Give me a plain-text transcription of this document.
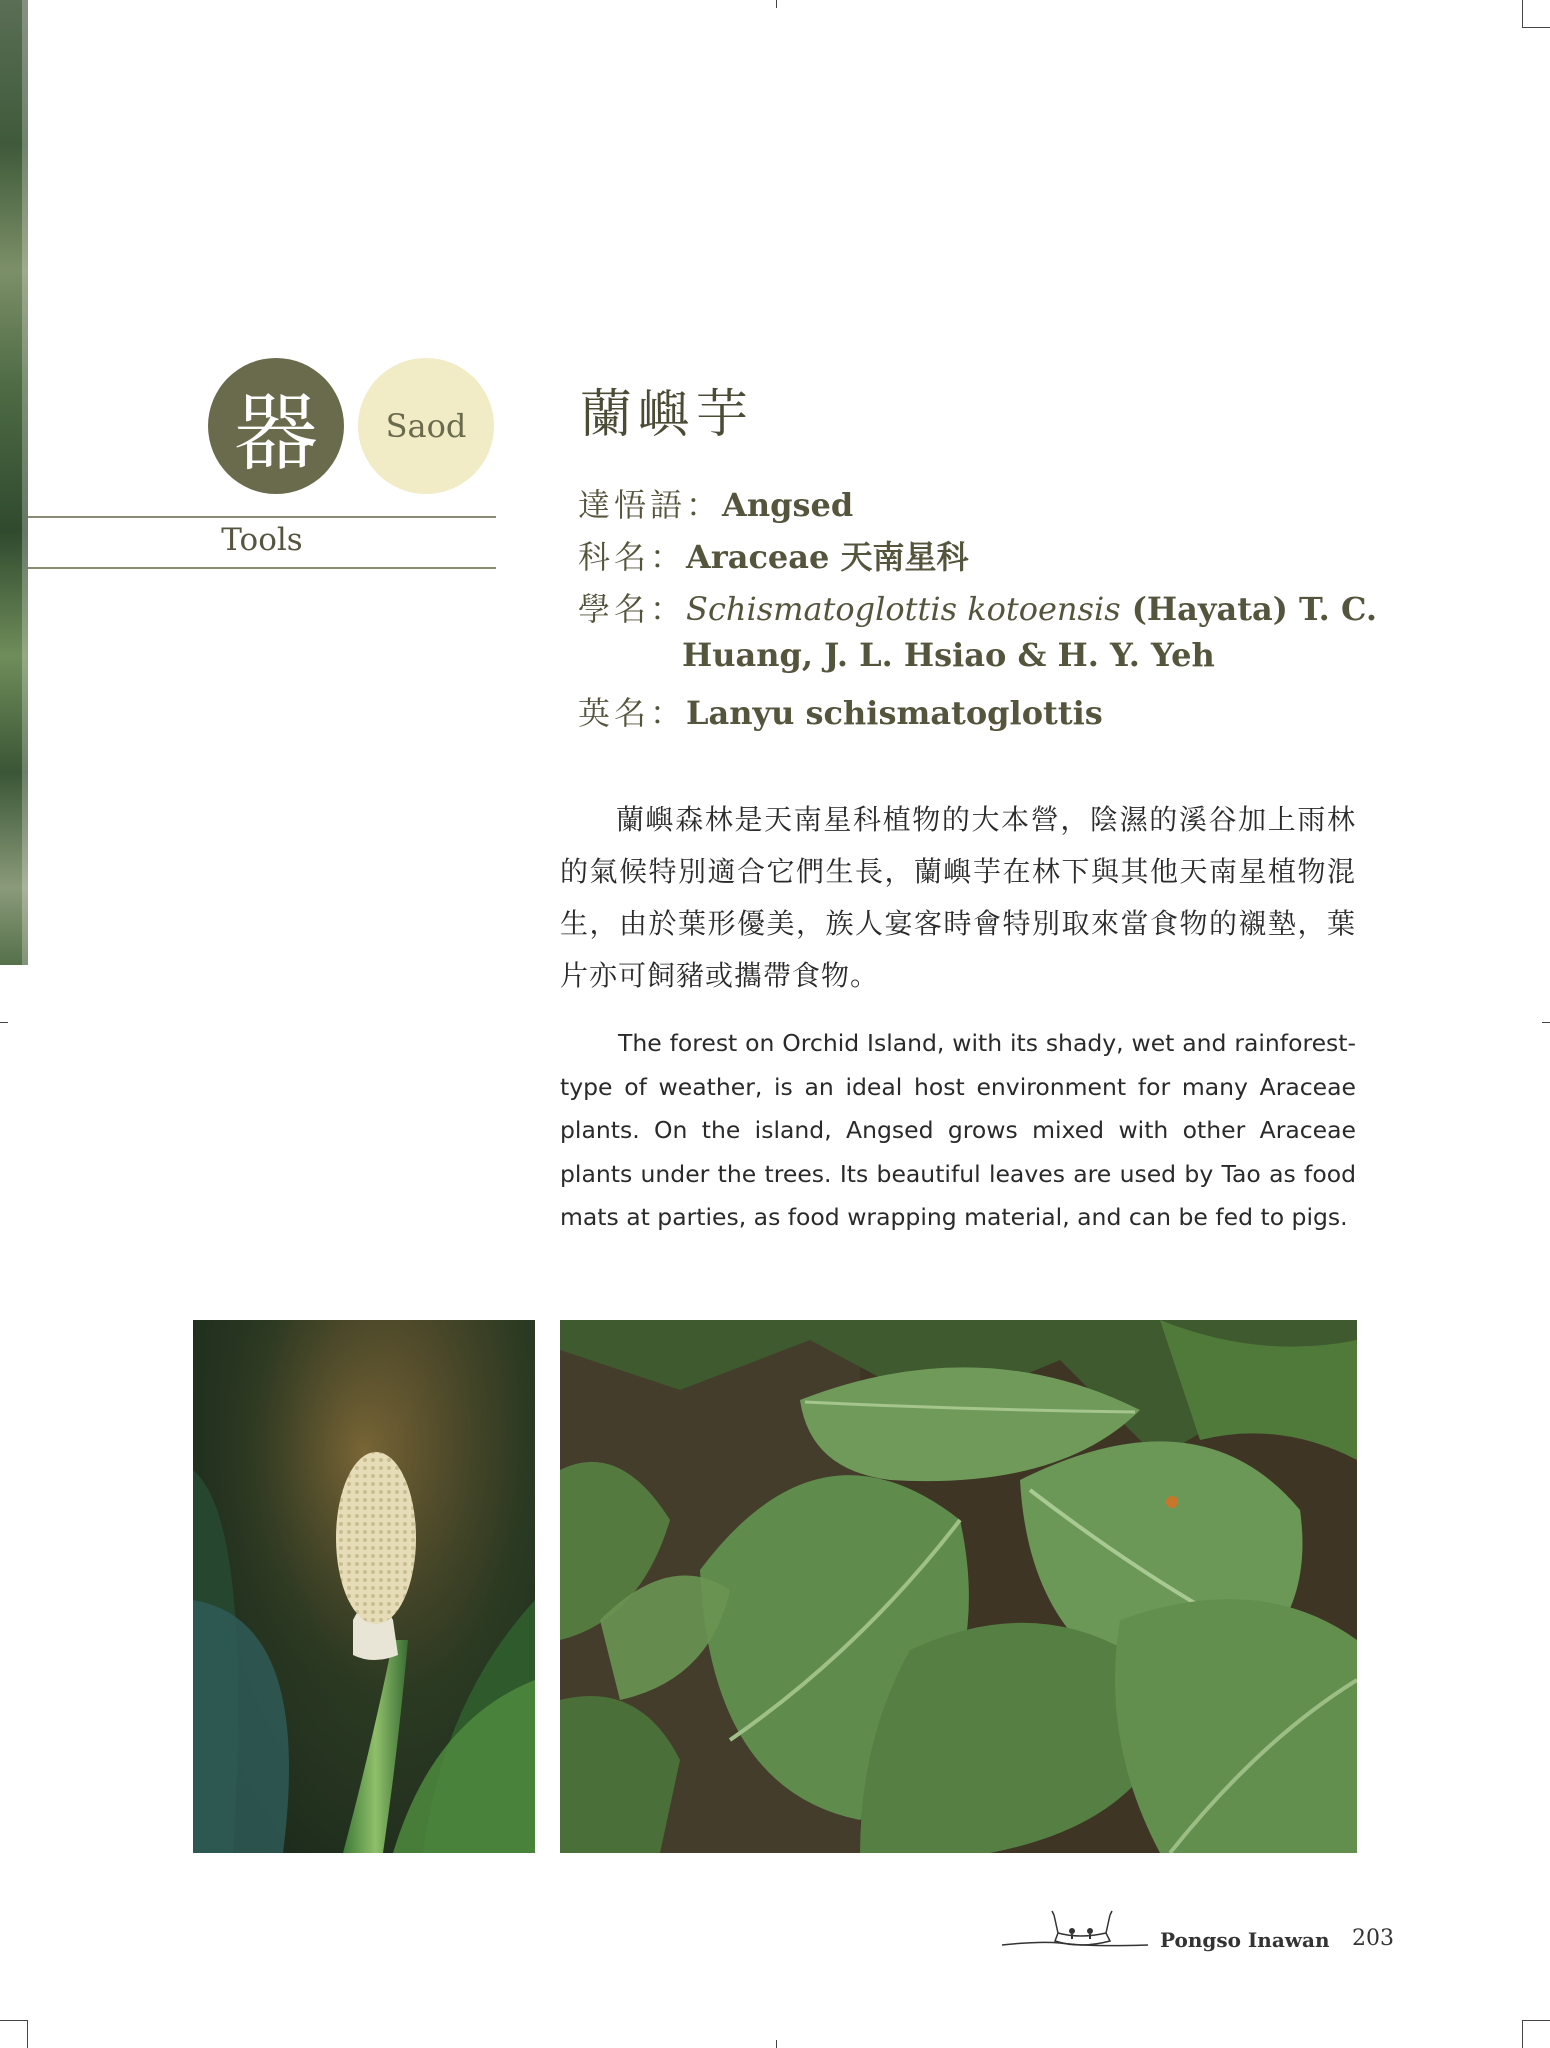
器 Saod
Tools
蘭嶼芋
達悟語：Angsed
科名：Araceae 天南星科
學名：Schismatoglottis kotoensis (Hayata) T. C.
Huang, J. L. Hsiao & H. Y. Yeh
英名：Lanyu schismatoglottis
蘭嶼森林是天南星科植物的大本營，陰濕的溪谷加上雨林的氣候特別適合它們生長，蘭嶼芋在林下與其他天南星植物混生，由於葉形優美，族人宴客時會特別取來當食物的襯墊，葉片亦可飼豬或攜帶食物。
The forest on Orchid Island, with its shady, wet and rainforest-type of weather, is an ideal host environment for many Araceae plants. On the island, Angsed grows mixed with other Araceae plants under the trees. Its beautiful leaves are used by Tao as food mats at parties, as food wrapping material, and can be fed to pigs.
Pongso Inawan 203
